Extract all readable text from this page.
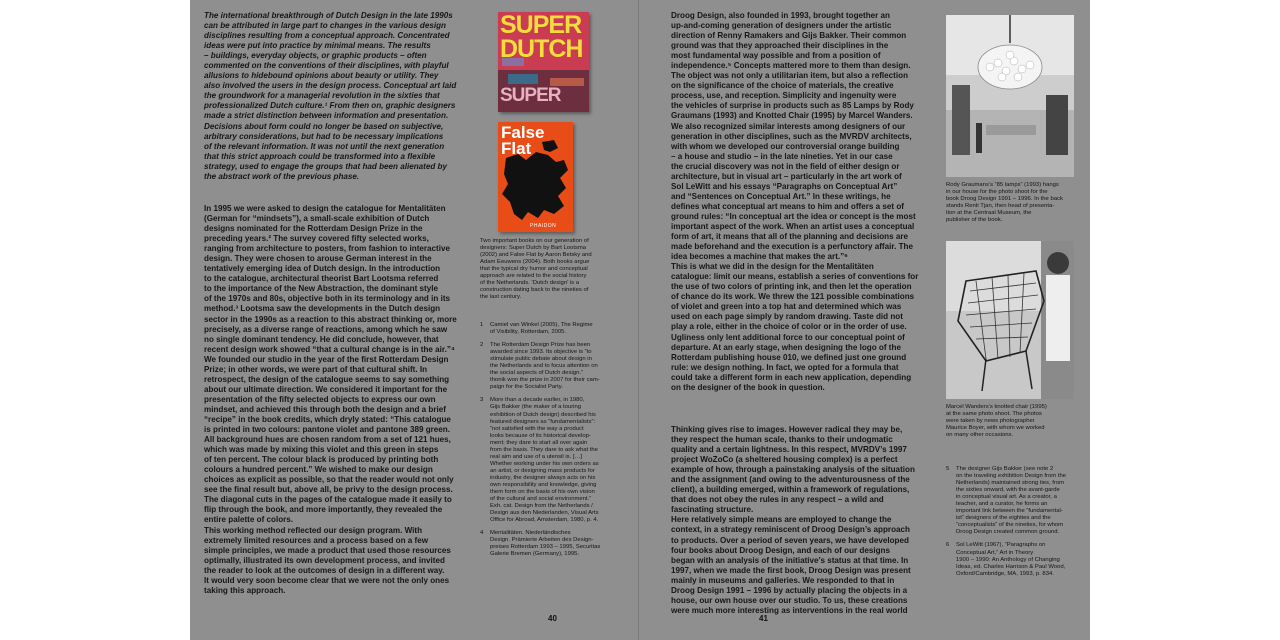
The international breakthrough of Dutch Design in the late 1990s
can be attributed in large part to changes in the various design
disciplines resulting from a conceptual approach. Concentrated
ideas were put into practice by minimal means. The results
– buildings, everyday objects, or graphic products – often
commented on the conventions of their disciplines, with playful
allusions to hidebound opinions about beauty or utility. They
also involved the users in the design process. Conceptual art laid
the groundwork for a managerial revolution in the sixties that
professionalized Dutch culture.¹ From then on, graphic designers
made a strict distinction between information and presentation.
Decisions about form could no longer be based on subjective,
arbitrary considerations, but had to be necessary implications
of the relevant information. It was not until the next generation
that this strict approach could be transformed into a flexible
strategy, used to engage the groups that had been alienated by
the abstract work of the previous phase.
In 1995 we were asked to design the catalogue for Mentalitäten
(German for “mindsets”), a small-scale exhibition of Dutch
designs nominated for the Rotterdam Design Prize in the
preceding years.² The survey covered fifty selected works,
ranging from architecture to posters, from fashion to interactive
design. They were chosen to arouse German interest in the
tentatively emerging idea of Dutch design. In the introduction
to the catalogue, architectural theorist Bart Lootsma referred
to the importance of the New Abstraction, the dominant style
of the 1970s and 80s, objective both in its terminology and in its
method.³ Lootsma saw the developments in the Dutch design
sector in the 1990s as a reaction to this abstract thinking or, more
precisely, as a diverse range of reactions, among which he saw
no single dominant tendency. He did conclude, however, that
recent design work showed “that a cultural change is in the air.”⁴
We founded our studio in the year of the first Rotterdam Design
Prize; in other words, we were part of that cultural shift. In
retrospect, the design of the catalogue seems to say something
about our ultimate direction. We considered it important for the
presentation of the fifty selected objects to express our own
mindset, and achieved this through both the design and a brief
“recipe” in the book credits, which dryly stated: “This catalogue
is printed in two colours: pantone violet and pantone 389 green.
All background hues are chosen random from a set of 121 hues,
which was made by mixing this violet and this green in steps
of ten percent. The colour black is produced by printing both
colours a hundred percent.” We wished to make our design
choices as explicit as possible, so that the reader would not only
see the final result but, above all, be privy to the design process.
The diagonal cuts in the pages of the catalogue made it easily to
flip through the book, and more importantly, they revealed the
entire palette of colors.
This working method reflected our design program. With
extremely limited resources and a process based on a few
simple principles, we made a product that used those resources
optimally, illustrated its own development process, and invited
the reader to look at the outcomes of design in a different way.
It would very soon become clear that we were not the only ones
taking this approach.
SUPER
DUTCH
SUPER
False
Flat
PHAIDON
Two important books on our generation of
designers: Super Dutch by Bart Lootsma
(2002) and False Flat by Aaron Betsky and
Adam Eeuwens (2004). Both books argue
that the typical dry humor and conceptual
approach are related to the social history
of the Netherlands. ‘Dutch design’ is a
construction dating back to the nineties of
the last century.

1 Camiel van Winkel (2005), The Regime
of Visibility, Rotterdam, 2005.

2 The Rotterdam Design Prize has been
awarded since 1993. Its objective is “to
stimulate public debate about design in
the Netherlands and to focus attention on
the social aspects of Dutch design.”
thonik won the prize in 2007 for their cam-
paign for the Socialist Party.

3 More than a decade earlier, in 1980,
Gijs Bakker (the maker of a touring
exhibition of Dutch design) described his
featured designers as “fundamentalists”:
“not satisfied with the way a product
looks because of its historical develop-
ment; they dare to start all over again
from the basis. They dare to ask what the
real aim and use of a utensil is. […]
Whether working under his own orders as
an artist, or designing mass products for
industry, the designer always acts on his
own responsibility and knowledge, giving
them form on the basis of his own vision
of the cultural and social environment.”
Exh. cat. Design from the Netherlands /
Design aus den Niederlanden, Visual Arts
Office for Abroad, Amsterdam, 1980, p. 4.

4 Mentalitäten. Niederländisches
Design. Prämierte Arbeiten des Design-
preises Rotterdam 1993 – 1995, Securitas
Galerie Bremen (Germany), 1995.

40
Droog Design, also founded in 1993, brought together an
up-and-coming generation of designers under the artistic
direction of Renny Ramakers and Gijs Bakker. Their common
ground was that they approached their disciplines in the
most fundamental way possible and from a position of
independence.⁵ Concepts mattered more to them than design.
The object was not only a utilitarian item, but also a reflection
on the significance of the choice of materials, the creative
process, use, and reception. Simplicity and ingenuity were
the vehicles of surprise in products such as 85 Lamps by Rody
Graumans (1993) and Knotted Chair (1995) by Marcel Wanders.
We also recognized similar interests among designers of our
generation in other disciplines, such as the MVRDV architects,
with whom we developed our controversial orange building
– a house and studio – in the late nineties. Yet in our case
the crucial discovery was not in the field of either design or
architecture, but in visual art – particularly in the art work of
Sol LeWitt and his essays “Paragraphs on Conceptual Art”
and “Sentences on Conceptual Art.” In these writings, he
defines what conceptual art means to him and offers a set of
ground rules: “In conceptual art the idea or concept is the most
important aspect of the work. When an artist uses a conceptual
form of art, it means that all of the planning and decisions are
made beforehand and the execution is a perfunctory affair. The
idea becomes a machine that makes the art.”⁶
This is what we did in the design for the Mentalitäten
catalogue: limit our means, establish a series of conventions for
the use of two colors of printing ink, and then let the operation
of chance do its work. We threw the 121 possible combinations
of violet and green into a top hat and determined which was
used on each page simply by random drawing. Taste did not
play a role, either in the choice of color or in the order of use.
Ugliness only lent additional force to our conceptual point of
departure. At an early stage, when designing the logo of the
Rotterdam publishing house 010, we defined just one ground
rule: we design nothing. In fact, we opted for a formula that
could take a different form in each new application, depending
on the designer of the book in question.
Thinking gives rise to images. However radical they may be,
they respect the human scale, thanks to their undogmatic
quality and a certain lightness. In this respect, MVRDV’s 1997
project WoZoCo (a sheltered housing complex) is a perfect
example of how, through a painstaking analysis of the situation
and the assignment (and owing to the adventurousness of the
client), a building emerged, within a framework of regulations,
that does not obey the rules in any respect – a wild and
fascinating structure.
Here relatively simple means are employed to change the
context, in a strategy reminiscent of Droog Design’s approach
to products. Over a period of seven years, we have developed
four books about Droog Design, and each of our designs
began with an analysis of the initiative’s status at that time. In
1997, when we made the first book, Droog Design was present
mainly in museums and galleries. We responded to that in
Droog Design 1991 – 1996 by actually placing the objects in a
house, our own house over our studio. To us, these creations
were much more interesting as interventions in the real world
Rody Graumans’s “85 lamps” (1993) hangs
in our house for the photo shoot for the
book Droog Design 1991 – 1996. In the back
stands Renti Tjan, then head of presenta-
tion at the Centraal Museum, the
publisher of the book.
Marcel Wanders’s knotted chair (1995)
at the same photo shoot. The photos
were taken by news photographer
Maurice Boyer, with whom we worked
on many other occasions.

5 The designer Gijs Bakker (see note 2
on the traveling exhibition Design from the
Netherlands) maintained strong ties, from
the sixties onward, with the avant-garde
in conceptual visual art. As a creator, a
teacher, and a curator, he forms an
important link between the “fundamental-
ist” designers of the eighties and the
“conceptualists” of the nineties, for whom
Droog Design created common ground.

6 Sol LeWitt (1967), “Paragraphs on
Conceptual Art,” Art in Theory
1900 – 1990: An Anthology of Changing
Ideas, ed. Charles Harrison & Paul Wood,
Oxford/Cambridge, MA, 1993, p. 834.

41
